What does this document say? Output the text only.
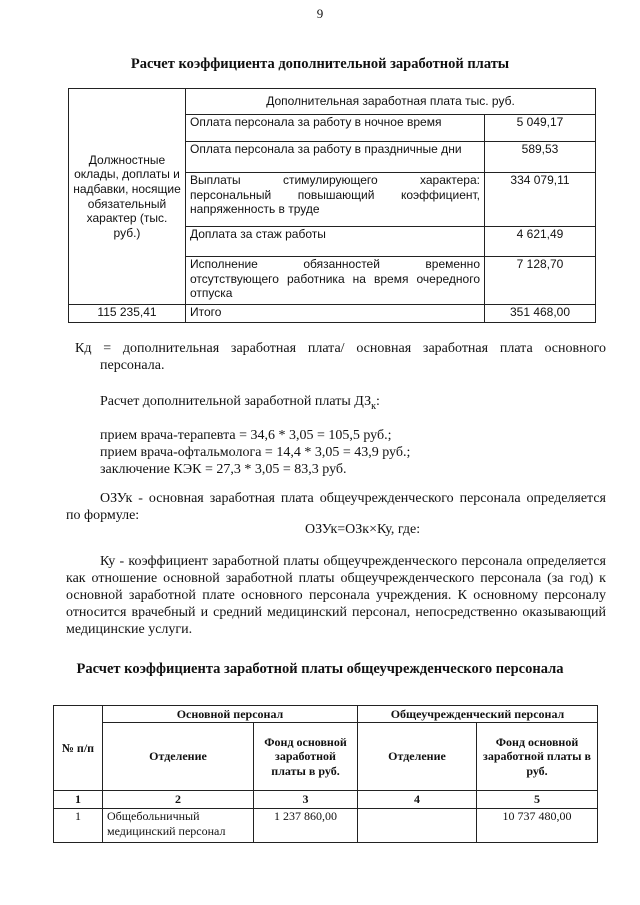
9
Расчет коэффициента дополнительной заработной платы
Должностные оклады, доплаты и надбавки, носящие обязательный характер (тыс. руб.)	Дополнительная заработная плата тыс. руб.	
	Оплата персонала за работу в ночное время	5 049,17
	Оплата персонала за работу в праздничные дни	589,53
	Выплаты стимулирующего характера: персональный повышающий коэффициент, напряженность в труде	334 079,11
	Доплата за стаж работы	4 621,49
	Исполнение обязанностей временно отсутствующего работника на время очередного отпуска	7 128,70
115 235,41	Итого	351 468,00
Кд = дополнительная заработная плата/ основная заработная плата основного персонала.
Расчет дополнительной заработной платы $ДЗ_к$:
прием врача-терапевта = 34,6 * 3,05 = 105,5 руб.;
прием врача-офтальмолога = 14,4 * 3,05 = 43,9 руб.;
заключение КЭК = 27,3 * 3,05 = 83,3 руб.
ОЗУк - основная заработная плата общеучрежденческого персонала определяется по формуле:
ОЗУк=ОЗк×Ку, где:
Ку - коэффициент заработной платы общеучрежденческого персонала определяется как отношение основной заработной платы общеучрежденческого персонала (за год) к основной заработной плате основного персонала учреждения. К основному персоналу относится врачебный и средний медицинский персонал, непосредственно оказывающий медицинские услуги.
Расчет коэффициента заработной платы общеучрежденческого персонала
№ п/п	Основной персонал		Общеучрежденческий персонал	
	Отделение	Фонд основной заработной платы в руб.	Отделение	Фонд основной заработной платы в руб.
1	2	3	4	5
1	Общебольничный медицинский персонал	1 237 860,00		10 737 480,00
